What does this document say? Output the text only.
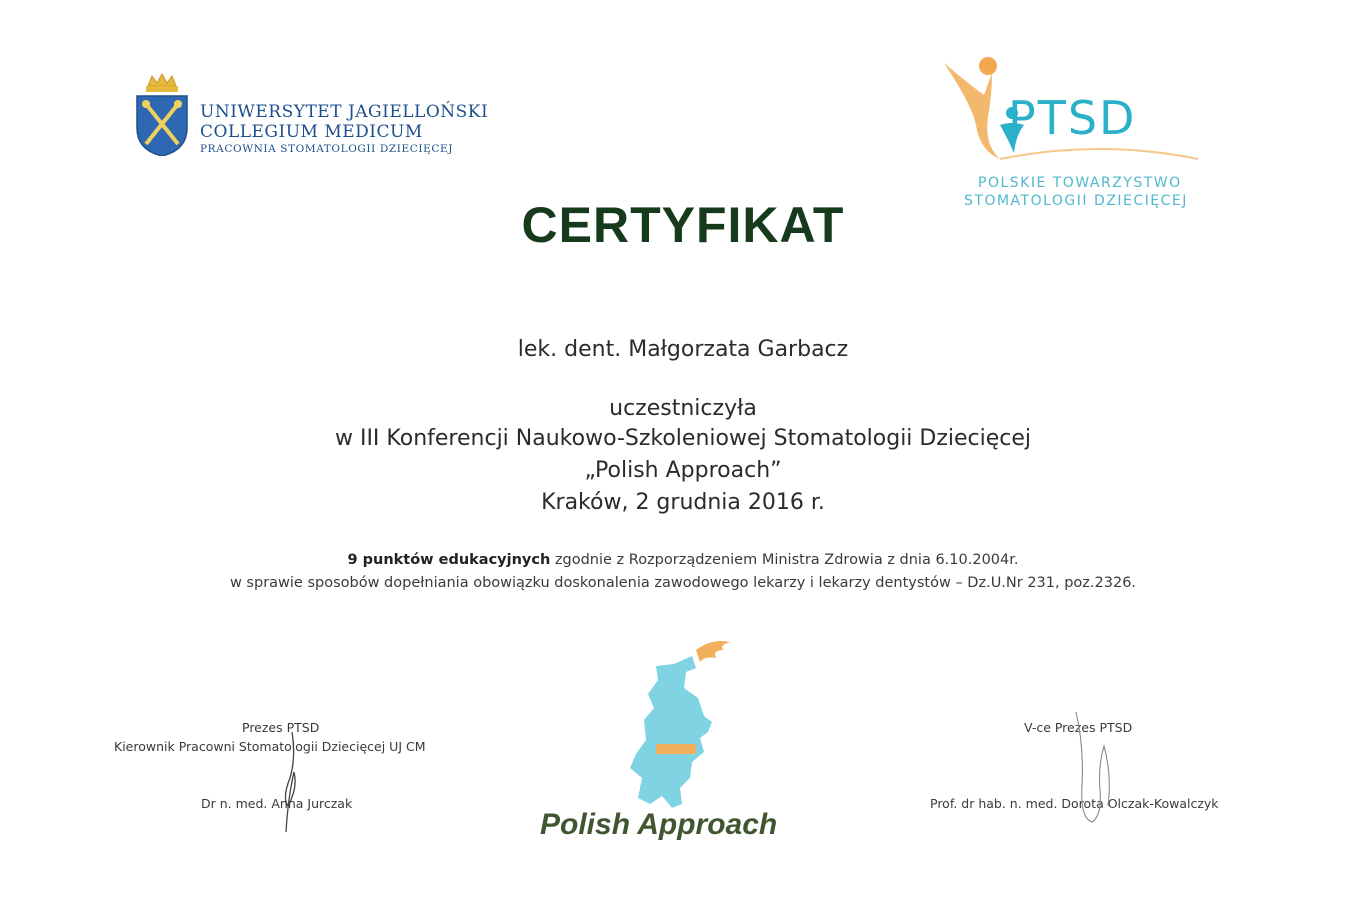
UNIWERSYTET JAGIELLOŃSKI
COLLEGIUM MEDICUM
PRACOWNIA STOMATOLOGII DZIECIĘCEJ
PTSD
POLSKIE TOWARZYSTWO
STOMATOLOGII DZIECIĘCEJ
CERTYFIKAT
lek. dent. Małgorzata Garbacz
uczestniczyła
w III Konferencji Naukowo-Szkoleniowej Stomatologii Dziecięcej
„Polish Approach”
Kraków, 2 grudnia 2016 r.
9 punktów edukacyjnych zgodnie z Rozporządzeniem Ministra Zdrowia z dnia 6.10.2004r.
w sprawie sposobów dopełniania obowiązku doskonalenia zawodowego lekarzy i lekarzy dentystów – Dz.U.Nr 231, poz.2326.
Polish Approach
Prezes PTSD
Kierownik Pracowni Stomatologii Dziecięcej UJ CM
Dr n. med. Anna Jurczak
V-ce Prezes PTSD
Prof. dr hab. n. med. Dorota Olczak-Kowalczyk
